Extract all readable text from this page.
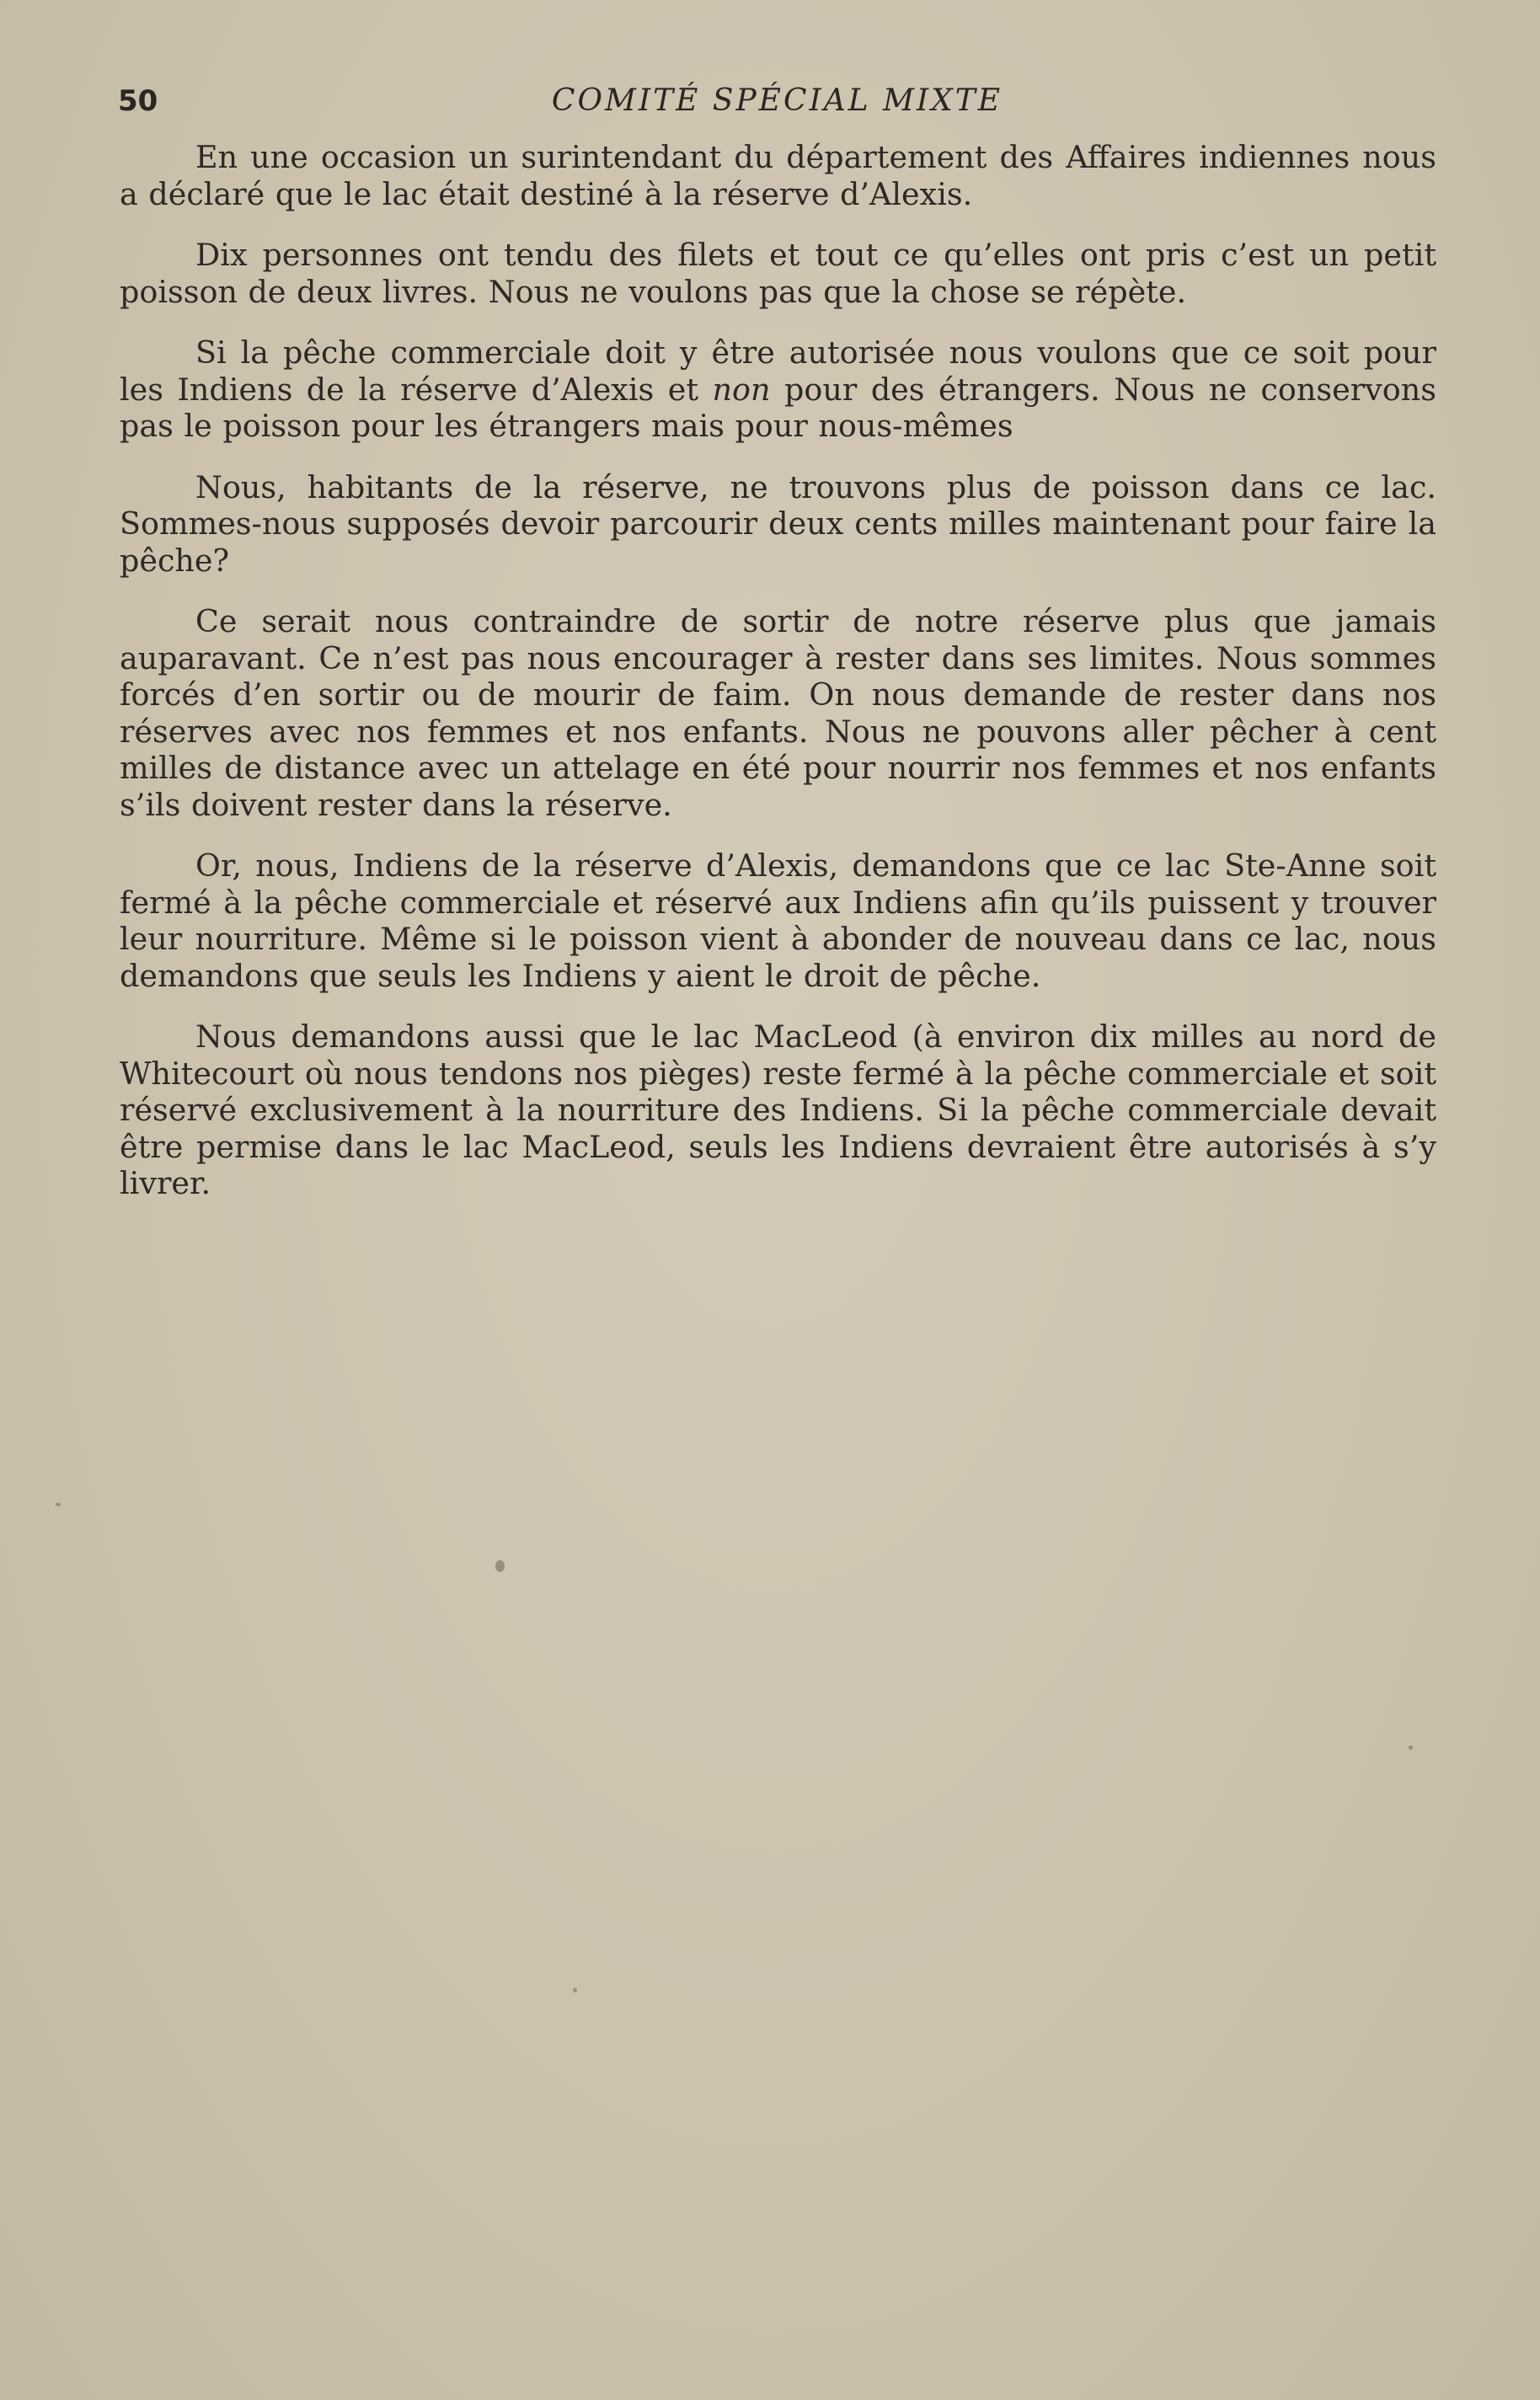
50	COMITÉ SPÉCIAL MIXTE

En une occasion un surintendant du département des Affaires indiennes nous a déclaré que le lac était destiné à la réserve d’Alexis.

Dix personnes ont tendu des filets et tout ce qu’elles ont pris c’est un petit poisson de deux livres. Nous ne voulons pas que la chose se répète.

Si la pêche commerciale doit y être autorisée nous voulons que ce soit pour les Indiens de la réserve d’Alexis et non pour des étrangers. Nous ne conservons pas le poisson pour les étrangers mais pour nous-mêmes

Nous, habitants de la réserve, ne trouvons plus de poisson dans ce lac. Sommes-nous supposés devoir parcourir deux cents milles maintenant pour faire la pêche?

Ce serait nous contraindre de sortir de notre réserve plus que jamais auparavant. Ce n’est pas nous encourager à rester dans ses limites. Nous sommes forcés d’en sortir ou de mourir de faim. On nous demande de rester dans nos réserves avec nos femmes et nos enfants. Nous ne pouvons aller pêcher à cent milles de distance avec un attelage en été pour nourrir nos femmes et nos enfants s’ils doivent rester dans la réserve.

Or, nous, Indiens de la réserve d’Alexis, demandons que ce lac Ste-Anne soit fermé à la pêche commerciale et réservé aux Indiens afin qu’ils puissent y trouver leur nourriture. Même si le poisson vient à abonder de nouveau dans ce lac, nous demandons que seuls les Indiens y aient le droit de pêche.

Nous demandons aussi que le lac MacLeod (à environ dix milles au nord de Whitecourt où nous tendons nos pièges) reste fermé à la pêche commerciale et soit réservé exclusivement à la nourriture des Indiens. Si la pêche commerciale devait être permise dans le lac MacLeod, seuls les Indiens devraient être autorisés à s’y livrer.
